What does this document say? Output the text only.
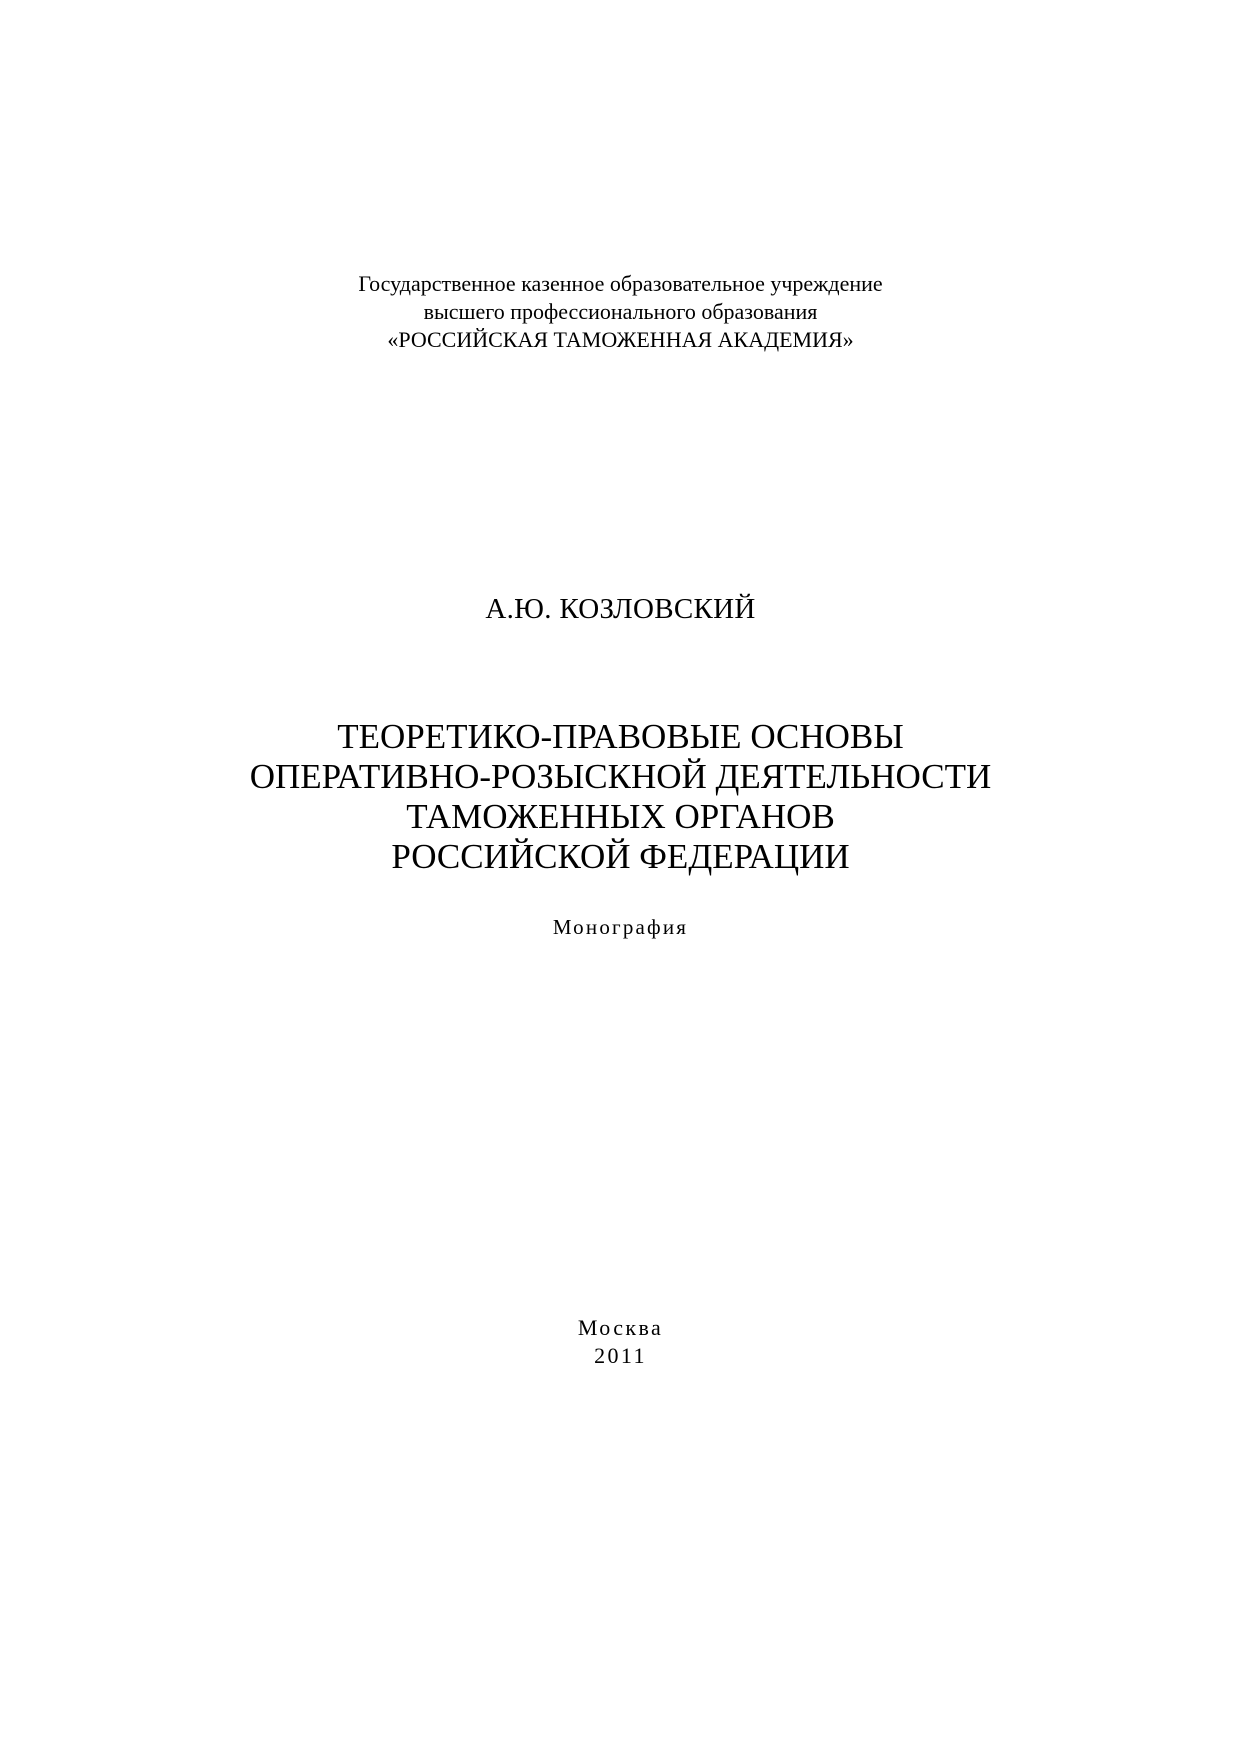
Государственное казенное образовательное учреждение
высшего профессионального образования
«РОССИЙСКАЯ ТАМОЖЕННАЯ АКАДЕМИЯ»
А.Ю. КОЗЛОВСКИЙ
ТЕОРЕТИКО-ПРАВОВЫЕ ОСНОВЫ
ОПЕРАТИВНО-РОЗЫСКНОЙ ДЕЯТЕЛЬНОСТИ
ТАМОЖЕННЫХ ОРГАНОВ
РОССИЙСКОЙ ФЕДЕРАЦИИ
Монография
Москва
2011
